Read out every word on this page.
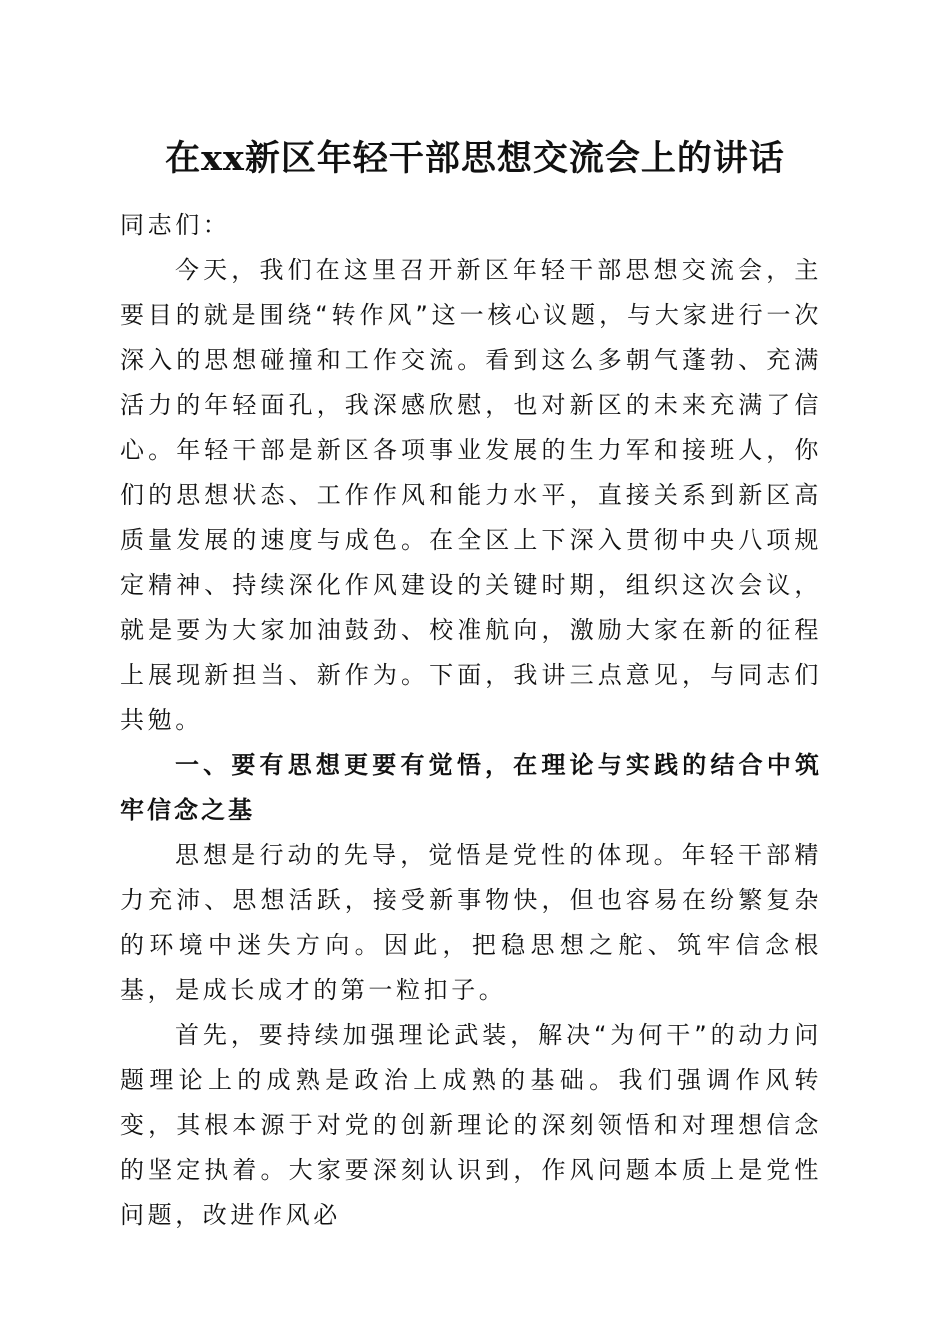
在xx新区年轻干部思想交流会上的讲话

同志们：

今天，我们在这里召开新区年轻干部思想交流会，主要目的就是围绕“转作风”这一核心议题，与大家进行一次深入的思想碰撞和工作交流。看到这么多朝气蓬勃、充满活力的年轻面孔，我深感欣慰，也对新区的未来充满了信心。年轻干部是新区各项事业发展的生力军和接班人，你们的思想状态、工作作风和能力水平，直接关系到新区高质量发展的速度与成色。在全区上下深入贯彻中央八项规定精神、持续深化作风建设的关键时期，组织这次会议，就是要为大家加油鼓劲、校准航向，激励大家在新的征程上展现新担当、新作为。下面，我讲三点意见，与同志们共勉。

一、要有思想更要有觉悟，在理论与实践的结合中筑牢信念之基

思想是行动的先导，觉悟是党性的体现。年轻干部精力充沛、思想活跃，接受新事物快，但也容易在纷繁复杂的环境中迷失方向。因此，把稳思想之舵、筑牢信念根基，是成长成才的第一粒扣子。

首先，要持续加强理论武装，解决“为何干”的动力问题理论上的成熟是政治上成熟的基础。我们强调作风转变，其根本源于对党的创新理论的深刻领悟和对理想信念的坚定执着。大家要深刻认识到，作风问题本质上是党性问题，改进作风必
